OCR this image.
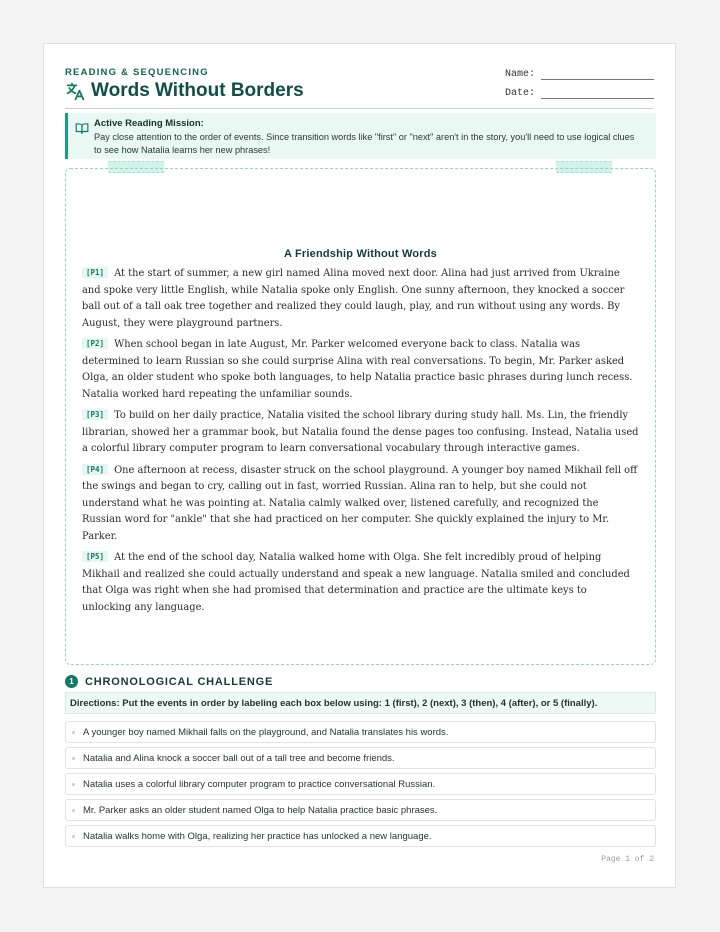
READING & SEQUENCING
Words Without Borders
Name:
Date:
Active Reading Mission:
Pay close attention to the order of events. Since transition words like "first" or "next" aren't in the story, you'll need to use logical clues to see how Natalia learns her new phrases!
A Friendship Without Words

[P1] At the start of summer, a new girl named Alina moved next door. Alina had just arrived from Ukraine and spoke very little English, while Natalia spoke only English. One sunny afternoon, they knocked a soccer ball out of a tall oak tree together and realized they could laugh, play, and run without using any words. By August, they were playground partners.

[P2] When school began in late August, Mr. Parker welcomed everyone back to class. Natalia was determined to learn Russian so she could surprise Alina with real conversations. To begin, Mr. Parker asked Olga, an older student who spoke both languages, to help Natalia practice basic phrases during lunch recess. Natalia worked hard repeating the unfamiliar sounds.

[P3] To build on her daily practice, Natalia visited the school library during study hall. Ms. Lin, the friendly librarian, showed her a grammar book, but Natalia found the dense pages too confusing. Instead, Natalia used a colorful library computer program to learn conversational vocabulary through interactive games.

[P4] One afternoon at recess, disaster struck on the school playground. A younger boy named Mikhail fell off the swings and began to cry, calling out in fast, worried Russian. Alina ran to help, but she could not understand what he was pointing at. Natalia calmly walked over, listened carefully, and recognized the Russian word for "ankle" that she had practiced on her computer. She quickly explained the injury to Mr. Parker.

[P5] At the end of the school day, Natalia walked home with Olga. She felt incredibly proud of helping Mikhail and realized she could actually understand and speak a new language. Natalia smiled and concluded that Olga was right when she had promised that determination and practice are the ultimate keys to unlocking any language.

1	CHRONOLOGICAL CHALLENGE
Directions: Put the events in order by labeling each box below using: 1 (first), 2 (next), 3 (then), 4 (after), or 5 (finally).
A younger boy named Mikhail falls on the playground, and Natalia translates his words.
Natalia and Alina knock a soccer ball out of a tall tree and become friends.
Natalia uses a colorful library computer program to practice conversational Russian.
Mr. Parker asks an older student named Olga to help Natalia practice basic phrases.
Natalia walks home with Olga, realizing her practice has unlocked a new language.
Page 1 of 2
